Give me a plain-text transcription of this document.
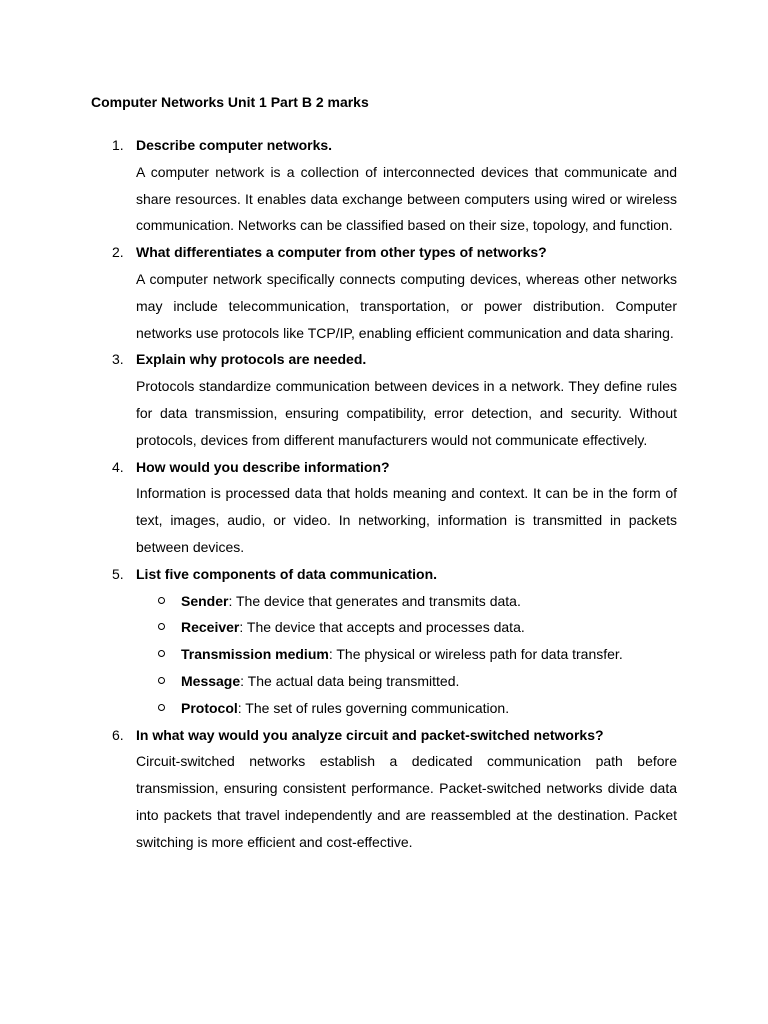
Computer Networks Unit 1 Part B 2 marks
1. Describe computer networks.

A computer network is a collection of interconnected devices that communicate and share resources. It enables data exchange between computers using wired or wireless communication. Networks can be classified based on their size, topology, and function.

2. What differentiates a computer from other types of networks?

A computer network specifically connects computing devices, whereas other networks may include telecommunication, transportation, or power distribution. Computer networks use protocols like TCP/IP, enabling efficient communication and data sharing.

3. Explain why protocols are needed.

Protocols standardize communication between devices in a network. They define rules for data transmission, ensuring compatibility, error detection, and security. Without protocols, devices from different manufacturers would not communicate effectively.

4. How would you describe information?

Information is processed data that holds meaning and context. It can be in the form of text, images, audio, or video. In networking, information is transmitted in packets between devices.

5. List five components of data communication.
Sender: The device that generates and transmits data.
Receiver: The device that accepts and processes data.
Transmission medium: The physical or wireless path for data transfer.
Message: The actual data being transmitted.
Protocol: The set of rules governing communication.
6. In what way would you analyze circuit and packet-switched networks?

Circuit-switched networks establish a dedicated communication path before transmission, ensuring consistent performance. Packet-switched networks divide data into packets that travel independently and are reassembled at the destination. Packet switching is more efficient and cost-effective.
